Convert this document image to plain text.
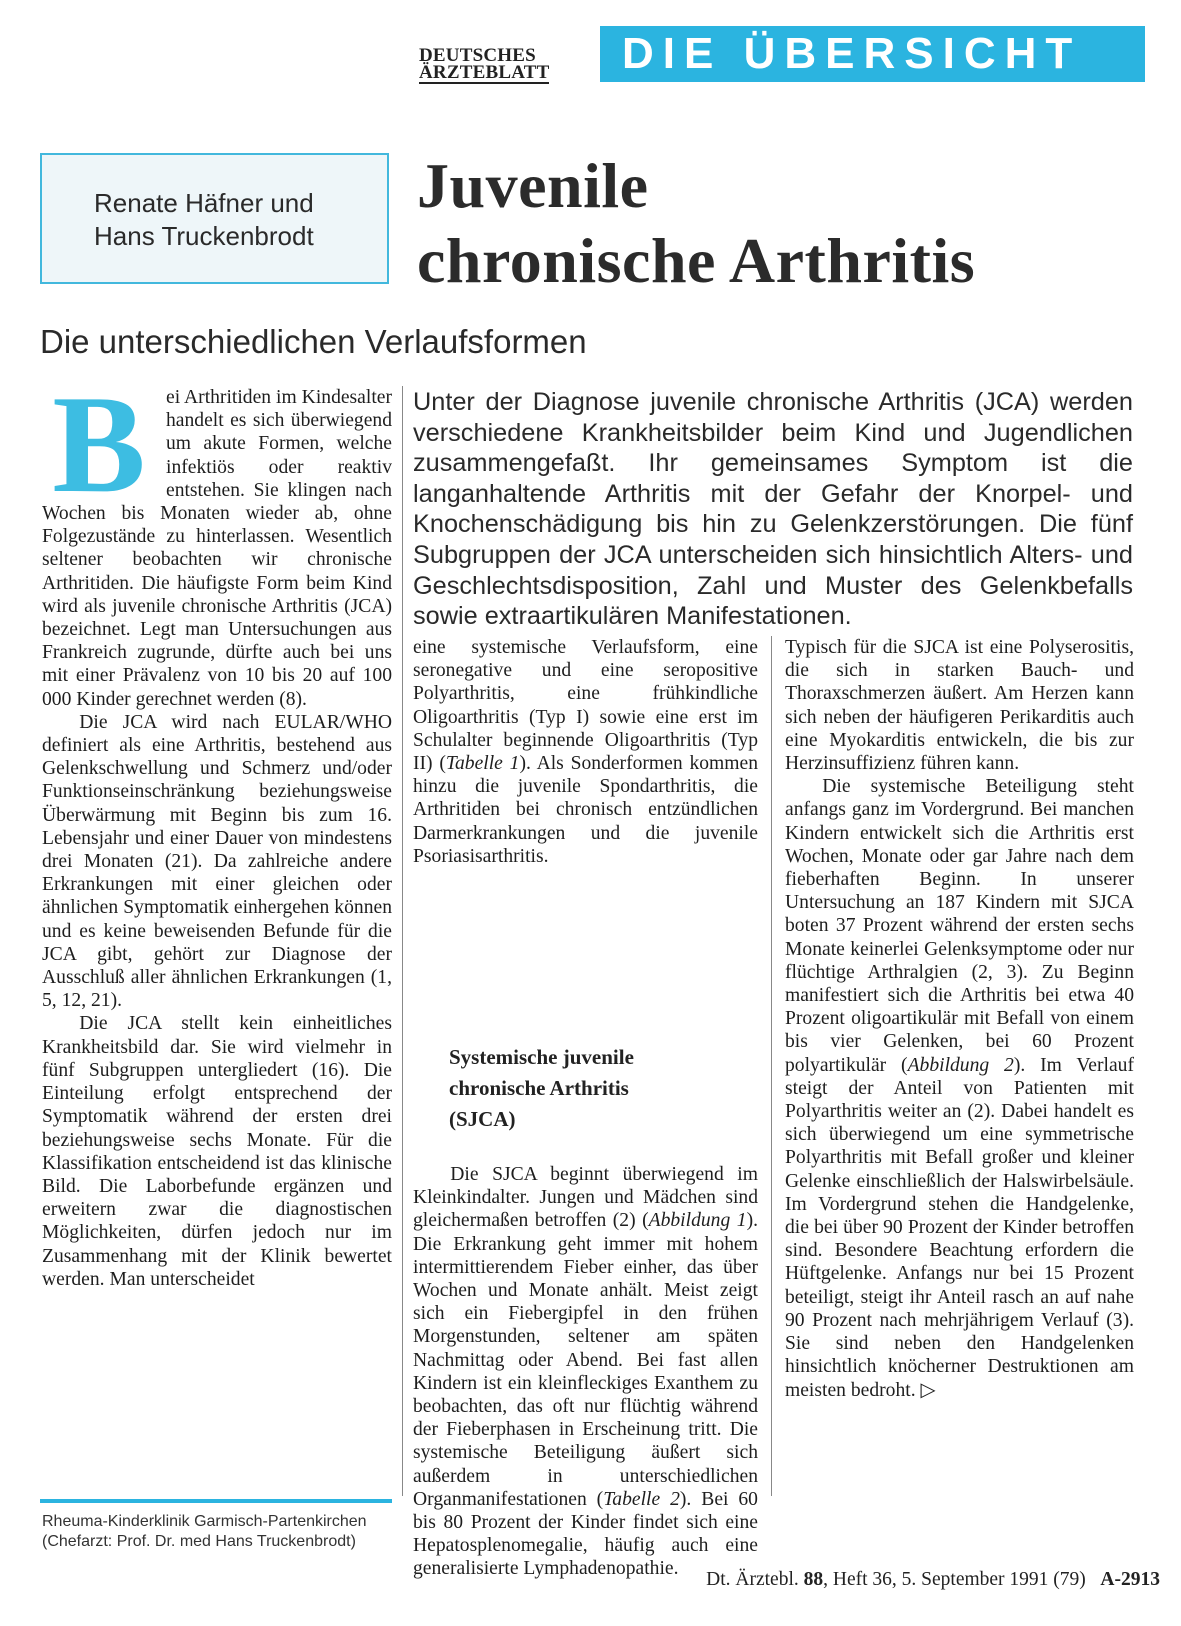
DEUTSCHES
ÄRZTEBLATT	DIE ÜBERSICHT
Renate Häfner und
Hans Truckenbrodt
Juvenile
chronische Arthritis
Die unterschiedlichen Verlaufsformen

B	ei Arthritiden im Kindesalter handelt es sich überwiegend um akute Formen, welche infektiös oder reaktiv entstehen. Sie klingen nach Wochen bis Monaten wieder ab, ohne Folgezustände zu hinterlassen. Wesentlich seltener beobachten wir chronische Arthritiden. Die häufigste Form beim Kind wird als juvenile chronische Arthritis (JCA) bezeichnet. Legt man Untersuchungen aus Frankreich zugrunde, dürfte auch bei uns mit einer Prävalenz von 10 bis 20 auf 100 000 Kinder gerechnet werden (8).

Die JCA wird nach EULAR/WHO definiert als eine Arthritis, bestehend aus Gelenkschwellung und Schmerz und/oder Funktionseinschränkung beziehungsweise Überwärmung mit Beginn bis zum 16. Lebensjahr und einer Dauer von mindestens drei Monaten (21). Da zahlreiche andere Erkrankungen mit einer gleichen oder ähnlichen Symptomatik einhergehen können und es keine beweisenden Befunde für die JCA gibt, gehört zur Diagnose der Ausschluß aller ähnlichen Erkrankungen (1, 5, 12, 21).

Die JCA stellt kein einheitliches Krankheitsbild dar. Sie wird vielmehr in fünf Subgruppen untergliedert (16). Die Einteilung erfolgt entsprechend der Symptomatik während der ersten drei beziehungsweise sechs Monate. Für die Klassifikation entscheidend ist das klinische Bild. Die Laborbefunde ergänzen und erweitern zwar die diagnostischen Möglichkeiten, dürfen jedoch nur im Zusammenhang mit der Klinik bewertet werden. Man unterscheidet

Unter der Diagnose juvenile chronische Arthritis (JCA) werden verschiedene Krankheitsbilder beim Kind und Jugendlichen zusammengefaßt. Ihr gemeinsames Symptom ist die langanhaltende Arthritis mit der Gefahr der Knorpel- und Knochenschädigung bis hin zu Gelenkzerstörungen. Die fünf Subgruppen der JCA unterscheiden sich hinsichtlich Alters- und Geschlechtsdisposition, Zahl und Muster des Gelenkbefalls sowie extraartikulären Manifestationen.

eine systemische Verlaufsform, eine seronegative und eine seropositive Polyarthritis, eine frühkindliche Oligoarthritis (Typ I) sowie eine erst im Schulalter beginnende Oligoarthritis (Typ II) (Tabelle 1). Als Sonderformen kommen hinzu die juvenile Spondarthritis, die Arthritiden bei chronisch entzündlichen Darmerkrankungen und die juvenile Psoriasisarthritis.

Systemische juvenile
chronische Arthritis
(SJCA)

Die SJCA beginnt überwiegend im Kleinkindalter. Jungen und Mädchen sind gleichermaßen betroffen (2) (Abbildung 1). Die Erkrankung geht immer mit hohem intermittierendem Fieber einher, das über Wochen und Monate anhält. Meist zeigt sich ein Fiebergipfel in den frühen Morgenstunden, seltener am späten Nachmittag oder Abend. Bei fast allen Kindern ist ein kleinfleckiges Exanthem zu beobachten, das oft nur flüchtig während der Fieberphasen in Erscheinung tritt. Die systemische Beteiligung äußert sich außerdem in unterschiedlichen Organmanifestationen (Tabelle 2). Bei 60 bis 80 Prozent der Kinder findet sich eine Hepatosplenomegalie, häufig auch eine generalisierte Lymphadenopathie.

Typisch für die SJCA ist eine Polyserositis, die sich in starken Bauch- und Thoraxschmerzen äußert. Am Herzen kann sich neben der häufigeren Perikarditis auch eine Myokarditis entwickeln, die bis zur Herzinsuffizienz führen kann.

Die systemische Beteiligung steht anfangs ganz im Vordergrund. Bei manchen Kindern entwickelt sich die Arthritis erst Wochen, Monate oder gar Jahre nach dem fieberhaften Beginn. In unserer Untersuchung an 187 Kindern mit SJCA boten 37 Prozent während der ersten sechs Monate keinerlei Gelenksymptome oder nur flüchtige Arthralgien (2, 3). Zu Beginn manifestiert sich die Arthritis bei etwa 40 Prozent oligoartikulär mit Befall von einem bis vier Gelenken, bei 60 Prozent polyartikulär (Abbildung 2). Im Verlauf steigt der Anteil von Patienten mit Polyarthritis weiter an (2). Dabei handelt es sich überwiegend um eine symmetrische Polyarthritis mit Befall großer und kleiner Gelenke einschließlich der Halswirbelsäule. Im Vordergrund stehen die Handgelenke, die bei über 90 Prozent der Kinder betroffen sind. Besondere Beachtung erfordern die Hüftgelenke. Anfangs nur bei 15 Prozent beteiligt, steigt ihr Anteil rasch an auf nahe 90 Prozent nach mehrjährigem Verlauf (3). Sie sind neben den Handgelenken hinsichtlich knöcherner Destruktionen am meisten bedroht. ▷

Rheuma-Kinderklinik Garmisch-Partenkirchen (Chefarzt: Prof. Dr. med Hans Truckenbrodt)
Dt. Ärztebl. 88, Heft 36, 5. September 1991 (79) A-2913
